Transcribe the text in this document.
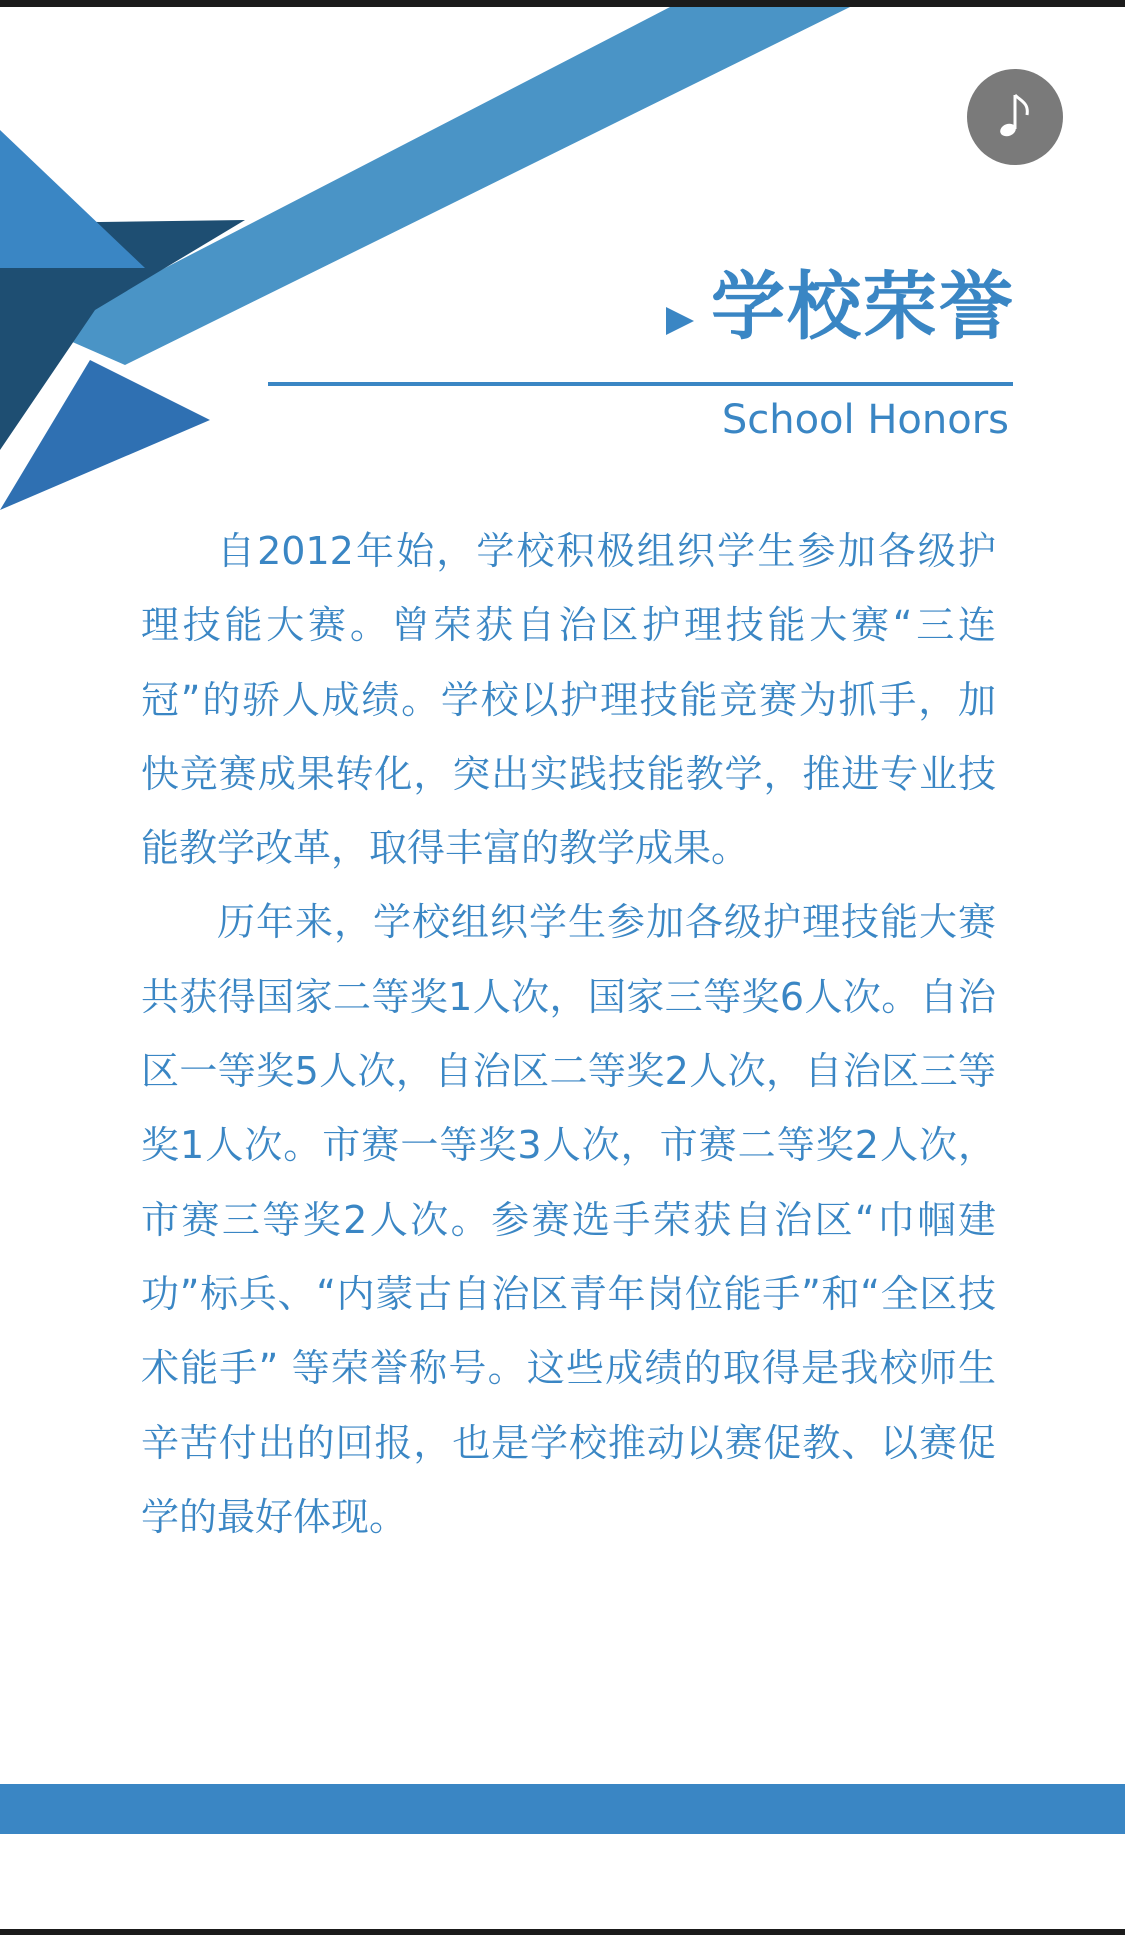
学校荣誉
School Honors

自2012年始，学校积极组织学生参加各级护理技能大赛。曾荣获自治区护理技能大赛“三连冠”的骄人成绩。学校以护理技能竞赛为抓手，加快竞赛成果转化，突出实践技能教学，推进专业技能教学改革，取得丰富的教学成果。

历年来，学校组织学生参加各级护理技能大赛共获得国家二等奖1人次，国家三等奖6人次。自治区一等奖5人次，自治区二等奖2人次，自治区三等奖1人次。市赛一等奖3人次，市赛二等奖2人次，市赛三等奖2人次。参赛选手荣获自治区“巾帼建功”标兵、“内蒙古自治区青年岗位能手”和“全区技术能手” 等荣誉称号。这些成绩的取得是我校师生辛苦付出的回报，也是学校推动以赛促教、以赛促学的最好体现。
